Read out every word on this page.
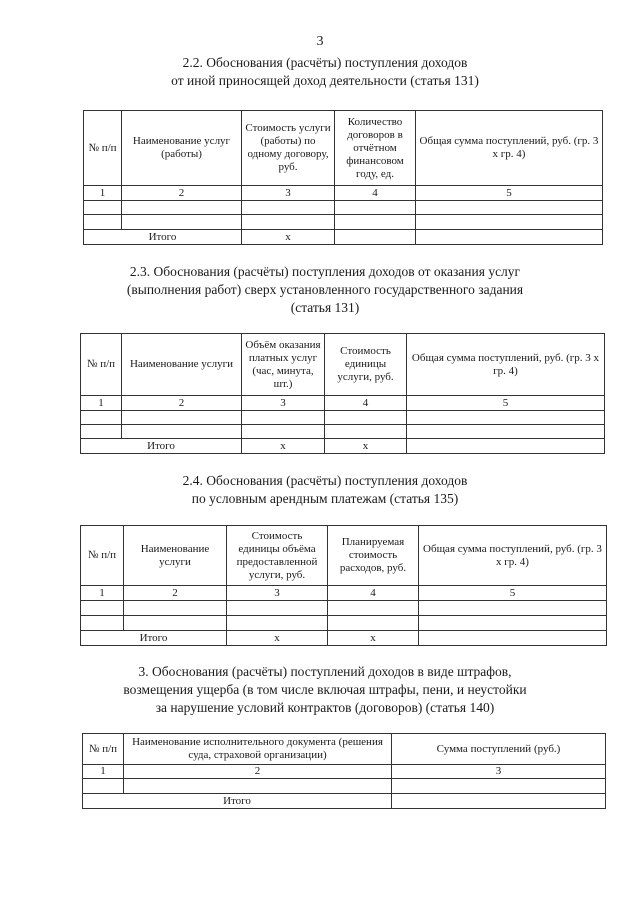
3
2.2. Обоснования (расчёты) поступления доходов
от иной приносящей доход деятельности (статья 131)
№ п/п	Наименование услуг (работы)	Стоимость услуги (работы) по одному договору, руб.	Количество договоров в отчётном финансовом году, ед.	Общая сумма поступлений, руб. (гр. 3 х гр. 4)
1	2	3	4	5

Итого		х		
2.3. Обоснования (расчёты) поступления доходов от оказания услуг
(выполнения работ) сверх установленного государственного задания
(статья 131)
№ п/п	Наименование услуги	Объём оказания платных услуг (час, минута, шт.)	Стоимость единицы услуги, руб.	Общая сумма поступлений, руб. (гр. 3 х гр. 4)
1	2	3	4	5

Итого		х	х	
2.4. Обоснования (расчёты) поступления доходов
по условным арендным платежам (статья 135)
№ п/п	Наименование услуги	Стоимость единицы объёма предоставленной услуги, руб.	Планируемая стоимость расходов, руб.	Общая сумма поступлений, руб. (гр. 3 х гр. 4)
1	2	3	4	5

Итого		х	х	
3. Обоснования (расчёты) поступлений доходов в виде штрафов,
возмещения ущерба (в том числе включая штрафы, пени, и неустойки
за нарушение условий контрактов (договоров) (статья 140)
№ п/п	Наименование исполнительного документа (решения суда, страховой организации)	Сумма поступлений (руб.)
1	2	3

Итого		
